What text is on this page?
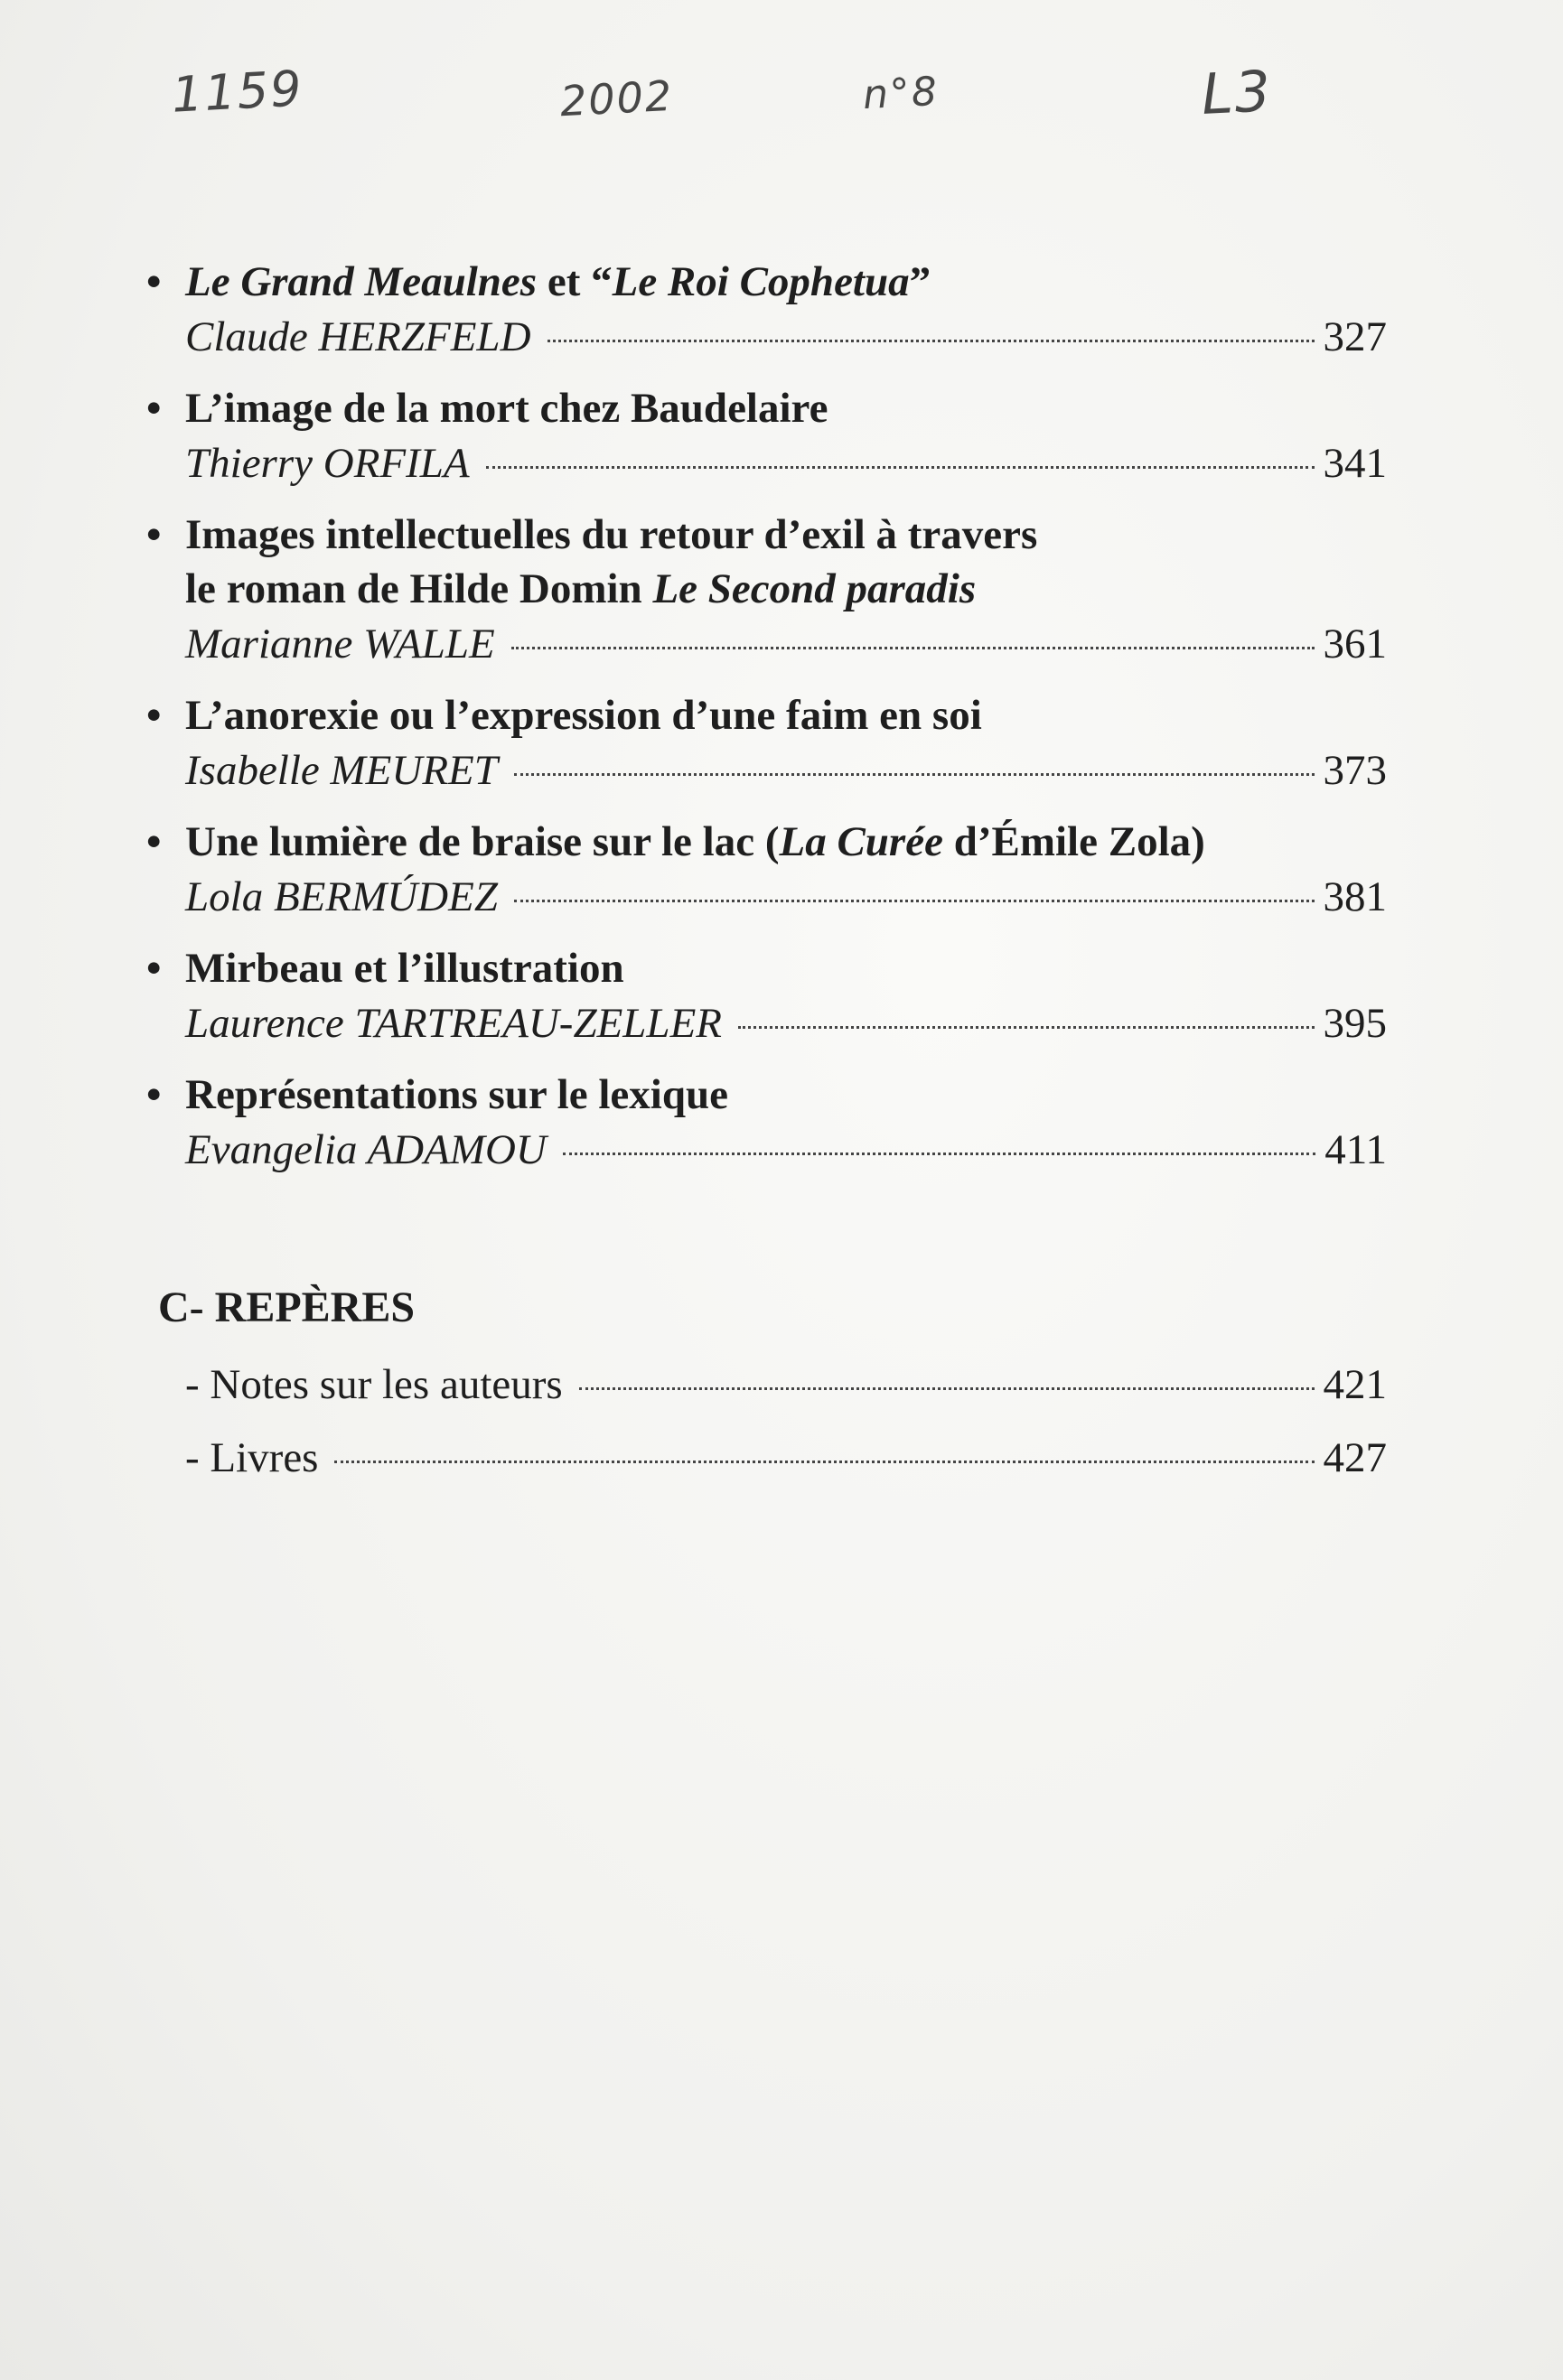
1159	2002	n°8	L3
• Le Grand Meaulnes et “Le Roi Cophetua”
Claude HERZFELD	327
• L’image de la mort chez Baudelaire
Thierry ORFILA	341
• Images intellectuelles du retour d’exil à travers
le roman de Hilde Domin Le Second paradis
Marianne WALLE	361
• L’anorexie ou l’expression d’une faim en soi
Isabelle MEURET	373
• Une lumière de braise sur le lac (La Curée d’Émile Zola)
Lola BERMÚDEZ	381
• Mirbeau et l’illustration
Laurence TARTREAU-ZELLER	395
• Représentations sur le lexique
Evangelia ADAMOU	411
C- REPÈRES
- Notes sur les auteurs	421
- Livres	427
